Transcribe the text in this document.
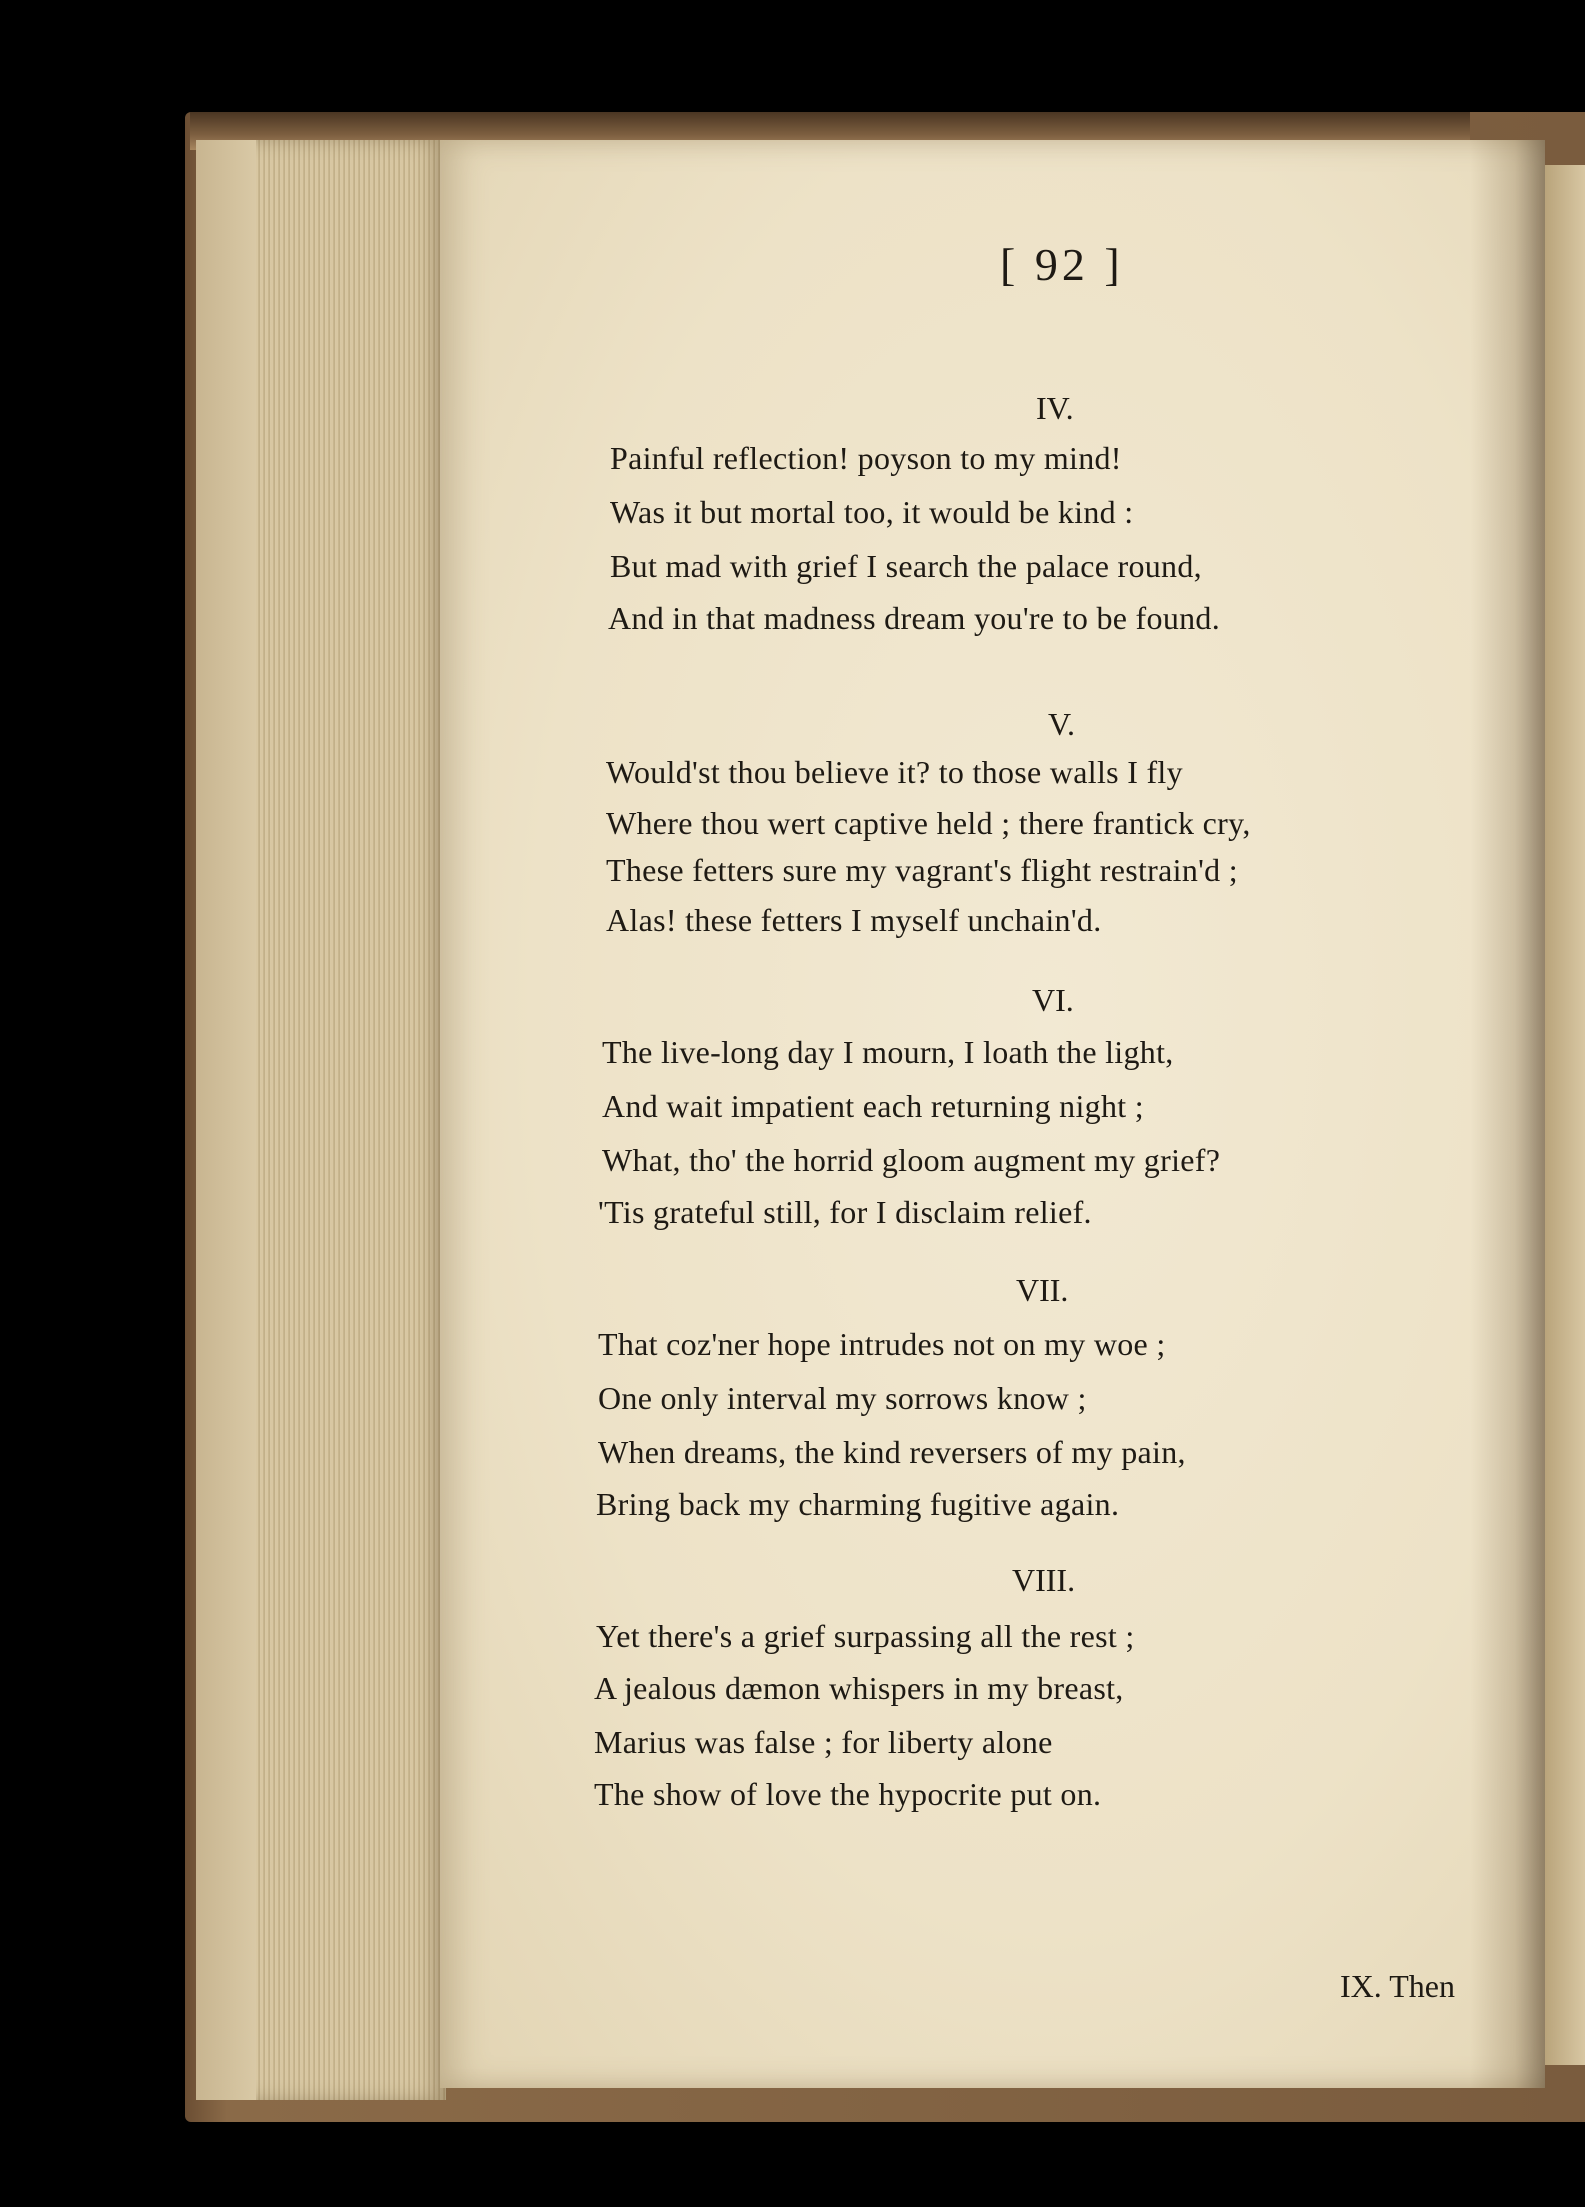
[ 92 ]
IV.
Painful reflection! poyson to my mind!
Was it but mortal too, it would be kind :
But mad with grief I search the palace round,
And in that madness dream you're to be found.
V.
Would'st thou believe it? to those walls I fly
Where thou wert captive held ; there frantick cry,
These fetters sure my vagrant's flight restrain'd ;
Alas! these fetters I myself unchain'd.
VI.
The live-long day I mourn, I loath the light,
And wait impatient each returning night ;
What, tho' the horrid gloom augment my grief?
'Tis grateful still, for I disclaim relief.
VII.
That coz'ner hope intrudes not on my woe ;
One only interval my sorrows know ;
When dreams, the kind reversers of my pain,
Bring back my charming fugitive again.
VIII.
Yet there's a grief surpassing all the rest ;
A jealous dæmon whispers in my breast,
Marius was false ; for liberty alone
The show of love the hypocrite put on.
IX. Then
